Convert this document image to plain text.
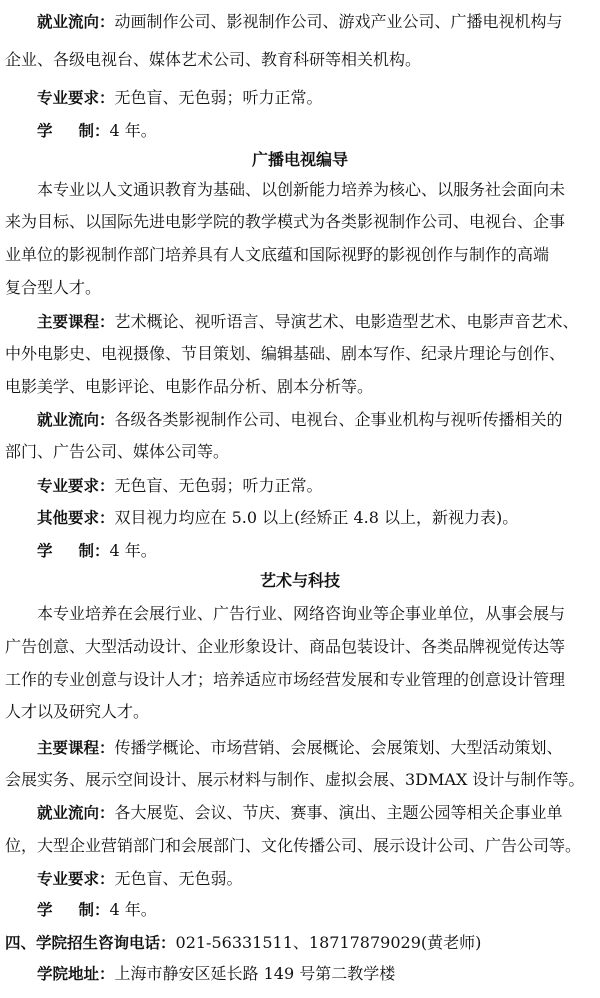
就业流向：动画制作公司、影视制作公司、游戏产业公司、广播电视机构与
企业、各级电视台、媒体艺术公司、教育科研等相关机构。
专业要求：无色盲、无色弱；听力正常。
学 制：4 年。
广播电视编导
本专业以人文通识教育为基础、以创新能力培养为核心、以服务社会面向未
来为目标、以国际先进电影学院的教学模式为各类影视制作公司、电视台、企事
业单位的影视制作部门培养具有人文底蕴和国际视野的影视创作与制作的高端
复合型人才。
主要课程：艺术概论、视听语言、导演艺术、电影造型艺术、电影声音艺术、
中外电影史、电视摄像、节目策划、编辑基础、剧本写作、纪录片理论与创作、
电影美学、电影评论、电影作品分析、剧本分析等。
就业流向：各级各类影视制作公司、电视台、企事业机构与视听传播相关的
部门、广告公司、媒体公司等。
专业要求：无色盲、无色弱；听力正常。
其他要求：双目视力均应在 5.0 以上(经矫正 4.8 以上，新视力表)。
学 制：4 年。
艺术与科技
本专业培养在会展行业、广告行业、网络咨询业等企事业单位，从事会展与
广告创意、大型活动设计、企业形象设计、商品包装设计、各类品牌视觉传达等
工作的专业创意与设计人才；培养适应市场经营发展和专业管理的创意设计管理
人才以及研究人才。
主要课程：传播学概论、市场营销、会展概论、会展策划、大型活动策划、
会展实务、展示空间设计、展示材料与制作、虚拟会展、3DMAX 设计与制作等。
就业流向：各大展览、会议、节庆、赛事、演出、主题公园等相关企事业单
位，大型企业营销部门和会展部门、文化传播公司、展示设计公司、广告公司等。
专业要求：无色盲、无色弱。
学 制：4 年。
四、学院招生咨询电话：021-56331511、18717879029(黄老师)
学院地址：上海市静安区延长路 149 号第二教学楼
